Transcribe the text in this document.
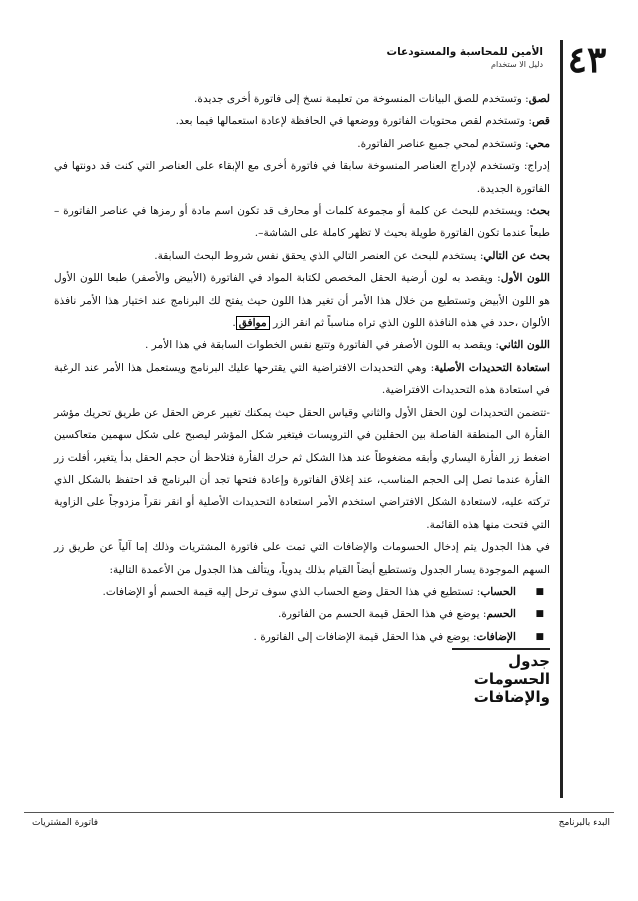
٤٣
الأمين للمحاسبة والمستودعات
دليل الا ستخدام

لصق: وتستخدم للصق البيانات المنسوخة من تعليمة نسخ إلى فاتورة أخرى جديدة.

قص: وتستخدم لقص محتويات الفاتورة ووضعها في الحافظة لإعادة استعمالها فيما بعد.

محي: وتستخدم لمحي جميع عناصر الفاتورة.

إدراج: وتستخدم لإدراج العناصر المنسوخة سابقا في فاتورة أخرى مع الإبقاء على العناصر التي كنت قد دونتها في الفاتورة الجديدة.

بحث: ويستخدم للبحث عن كلمة أو مجموعة كلمات أو محارف قد تكون اسم مادة أو رمزها في عناصر الفاتورة – طبعاً عندما تكون الفاتورة طويلة بحيث لا تظهر كاملة على الشاشة–.

بحث عن التالي: يستخدم للبحث عن العنصر التالي الذي يحقق نفس شروط البحث السابقة.

اللون الأول: ويقصد به لون أرضية الحقل المخصص لكتابة المواد في الفاتورة (الأبيض والأصفر) طبعا اللون الأول هو اللون الأبيض وتستطيع من خلال هذا الأمر أن تغير هذا اللون حيث يفتح لك البرنامج عند اختيار هذا الأمر نافذة الألوان ،حدد في هذه النافذة اللون الذي تراه مناسباً ثم انقر الزر موافق.

اللون الثاني: ويقصد به اللون الأصفر في الفاتورة وتتبع نفس الخطوات السابقة في هذا الأمر .

استعادة التحديدات الأصلية: وهي التحديدات الافتراضية التي يقترحها عليك البرنامج ويستعمل هذا الأمر عند الرغبة في استعادة هذه التحديدات الافتراضية.

-تتضمن التحديدات لون الحقل الأول والثاني وقياس الحقل حيث يمكنك تغيير عرض الحقل عن طريق تحريك مؤشر الفأرة الى المنطقة الفاصلة بين الحقلين في الترويسات فيتغير شكل المؤشر ليصبح على شكل سهمين متعاكسين اضغط زر الفأرة اليساري وأبقه مضغوطاً عند هذا الشكل ثم حرك الفأرة فتلاحظ أن حجم الحقل بدأ يتغير، أفلت زر الفأرة عندما تصل إلى الحجم المناسب، عند إغلاق الفاتورة وإعادة فتحها تجد أن البرنامج قد احتفظ بالشكل الذي تركته عليه، لاستعادة الشكل الافتراضي استخدم الأمر استعادة التحديدات الأصلية أو انقر نقراً مزدوجاً على الزاوية التي فتحت منها هذه القائمة.

في هذا الجدول يتم إدخال الحسومات والإضافات التي تمت على فاتورة المشتريات وذلك إما آلياً عن طريق زر السهم الموجودة يسار الجدول وتستطيع أيضاً القيام بذلك يدوياً، ويتألف هذا الجدول من الأعمدة التالية:

■
الحساب: تستطيع في هذا الحقل وضع الحساب الذي سوف ترحل إليه قيمة الحسم أو الإضافات.
■
الحسم: يوضع في هذا الحقل قيمة الحسم من الفاتورة.
■
الإضافات: يوضع في هذا الحقل قيمة الإضافات إلى الفاتورة .
جدول الحسومات والإضافات
فاتورة المشتريات	البدء بالبرنامج
